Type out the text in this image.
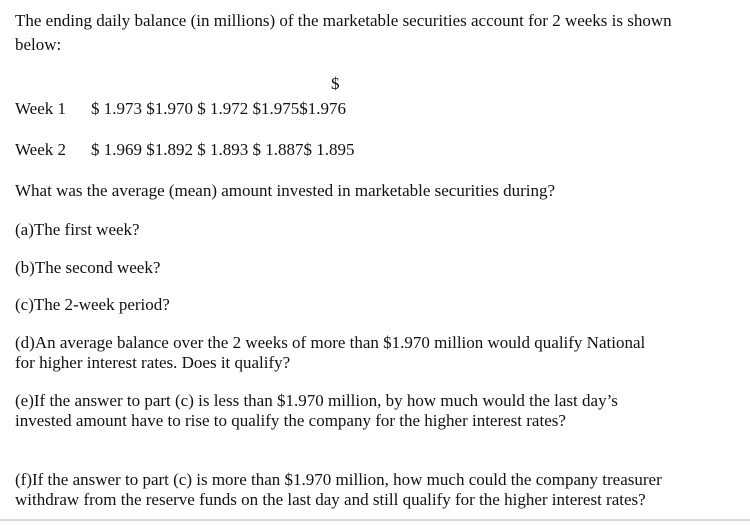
The ending daily balance (in millions) of the marketable securities account for 2 weeks is shown
below:
$
Week 1 $ 1.973 $1.970 $ 1.972 $1.975$1.976
Week 2 $ 1.969 $1.892 $ 1.893 $ 1.887$ 1.895
What was the average (mean) amount invested in marketable securities during?
(a)The first week?
(b)The second week?
(c)The 2-week period?
(d)An average balance over the 2 weeks of more than $1.970 million would qualify National
for higher interest rates. Does it qualify?
(e)If the answer to part (c) is less than $1.970 million, by how much would the last day’s
invested amount have to rise to qualify the company for the higher interest rates?
(f)If the answer to part (c) is more than $1.970 million, how much could the company treasurer
withdraw from the reserve funds on the last day and still qualify for the higher interest rates?
